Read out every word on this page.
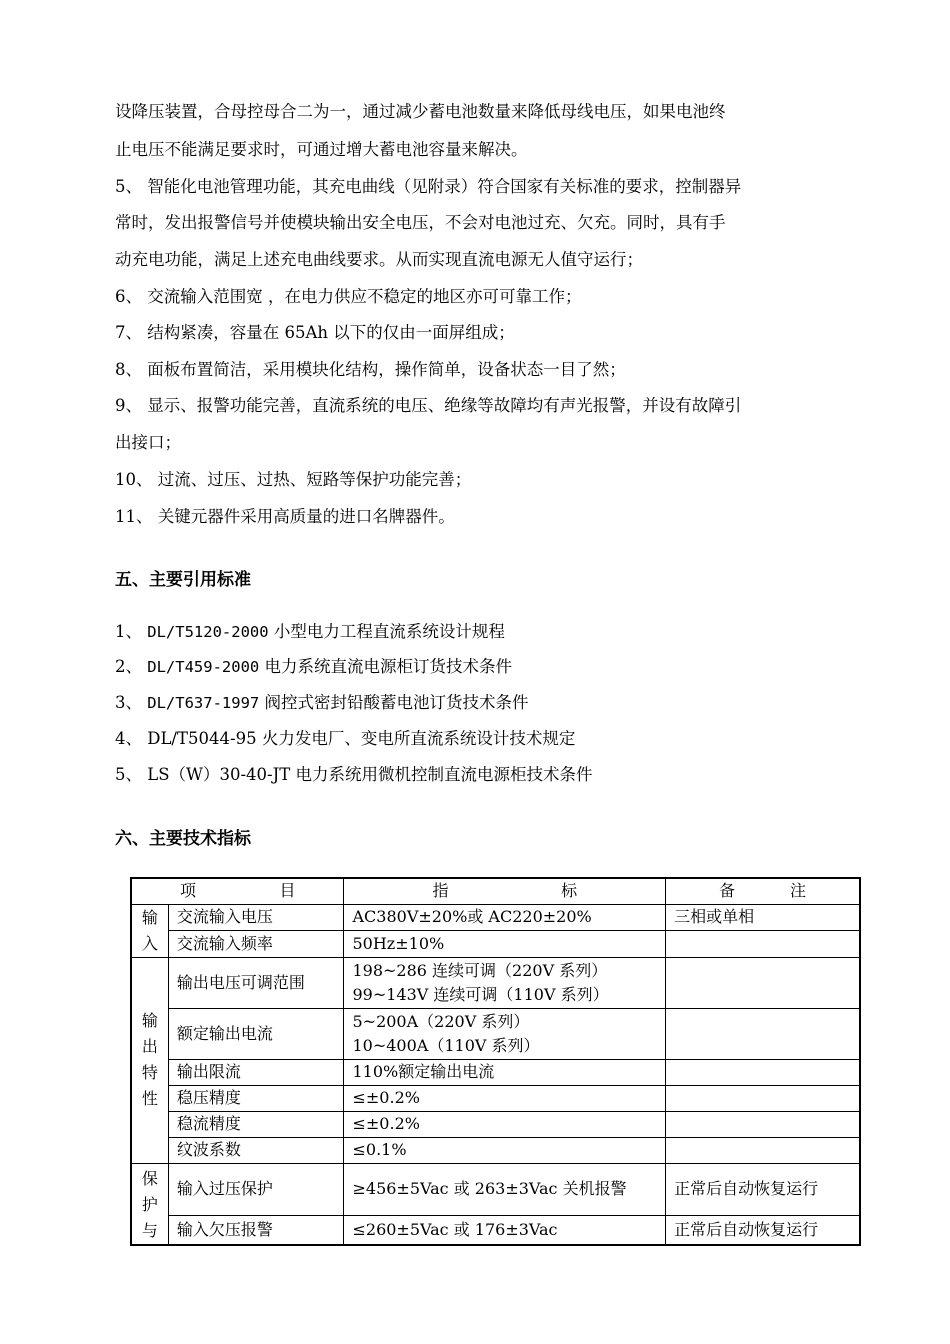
设降压装置，合母控母合二为一，通过减少蓄电池数量来降低母线电压，如果电池终
止电压不能满足要求时，可通过增大蓄电池容量来解决。
5、 智能化电池管理功能，其充电曲线（见附录）符合国家有关标准的要求，控制器异
常时，发出报警信号并使模块输出安全电压，不会对电池过充、欠充。同时，具有手
动充电功能，满足上述充电曲线要求。从而实现直流电源无人值守运行；
6、 交流输入范围宽 ，在电力供应不稳定的地区亦可可靠工作；
7、 结构紧凑，容量在 65Ah 以下的仅由一面屏组成；
8、 面板布置简洁，采用模块化结构，操作简单，设备状态一目了然；
9、 显示、报警功能完善，直流系统的电压、绝缘等故障均有声光报警，并设有故障引
出接口；
10、 过流、过压、过热、短路等保护功能完善；
11、 关键元器件采用高质量的进口名牌器件。
五、主要引用标准
1、 DL/T5120-2000 小型电力工程直流系统设计规程
2、 DL/T459-2000 电力系统直流电源柜订货技术条件
3、 DL/T637-1997 阀控式密封铅酸蓄电池订货技术条件
4、 DL/T5044-95 火力发电厂、变电所直流系统设计技术规定
5、 LS（W）30-40-JT 电力系统用微机控制直流电源柜技术条件
六、主要技术指标
项 目		指 标	备 注

输入	交流输入电压	AC380V±20%或 AC220±20%	三相或单相
	交流输入频率	50Hz±10%	
输出特性	输出电压可调范围	198~286 连续可调（220V 系列）
99~143V 连续可调（110V 系列）	

	额定输出电流	5~200A（220V 系列）
10~400A（110V 系列）	

	输出限流	110%额定输出电流	
	稳压精度	≤±0.2%	
	稳流精度	≤±0.2%	
	纹波系数	≤0.1%	
保护与	输入过压保护	≥456±5Vac 或 263±3Vac 关机报警	正常后自动恢复运行
	输入欠压报警	≤260±5Vac 或 176±3Vac	正常后自动恢复运行
